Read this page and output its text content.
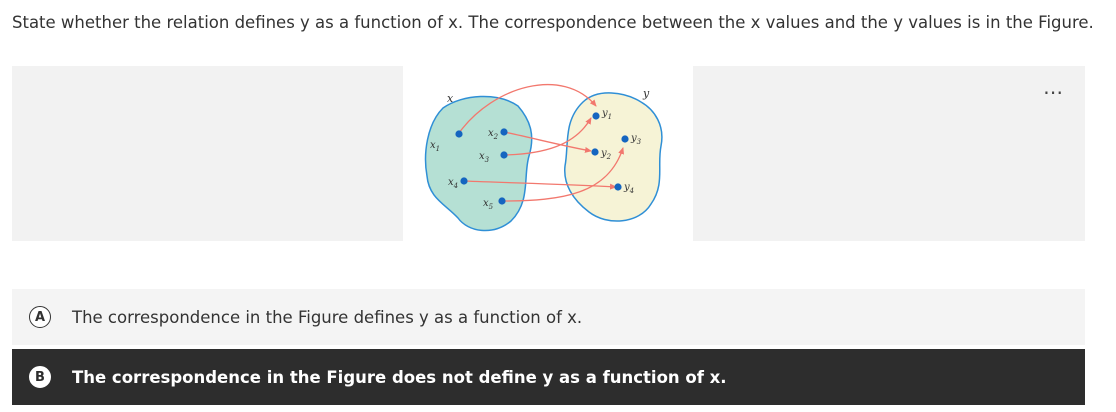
State whether the relation defines y as a function of x. The correspondence between the x values and the y values is in the Figure.
x	y
$x_1$
$x_2$
$x_3$
$x_4$
$x_5$
$y_1$
$y_2$
$y_3$
$y_4$
⋯
A	The correspondence in the Figure defines y as a function of x.
B	The correspondence in the Figure does not define y as a function of x.
